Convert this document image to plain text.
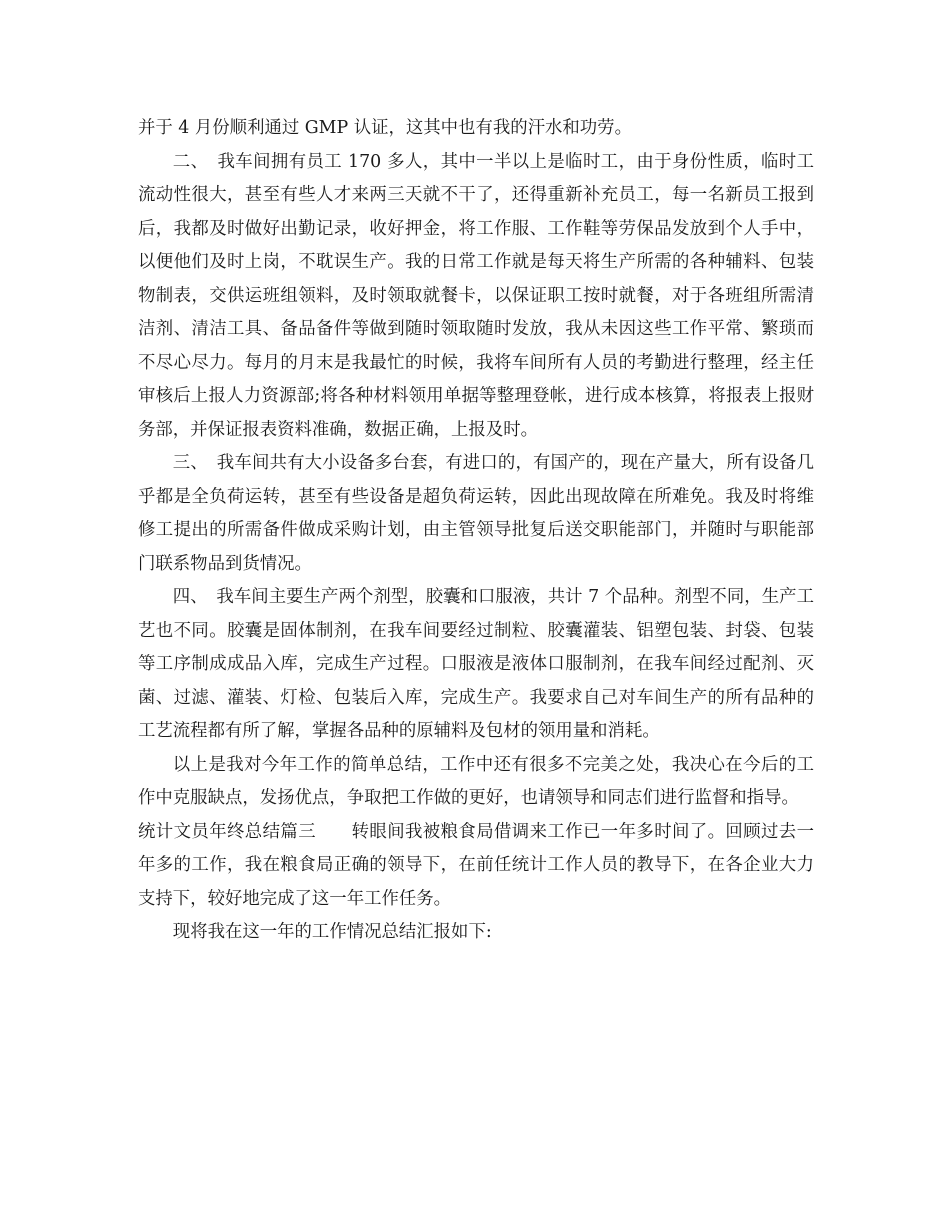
并于 4 月份顺利通过 GMP 认证，这其中也有我的汗水和功劳。

二、　我车间拥有员工 170 多人，其中一半以上是临时工，由于身份性质，临时工流动性很大，甚至有些人才来两三天就不干了，还得重新补充员工，每一名新员工报到后，我都及时做好出勤记录，收好押金，将工作服、工作鞋等劳保品发放到个人手中，以便他们及时上岗，不耽误生产。我的日常工作就是每天将生产所需的各种辅料、包装物制表，交供运班组领料，及时领取就餐卡，以保证职工按时就餐，对于各班组所需清洁剂、清洁工具、备品备件等做到随时领取随时发放，我从未因这些工作平常、繁琐而不尽心尽力。每月的月末是我最忙的时候，我将车间所有人员的考勤进行整理，经主任审核后上报人力资源部;将各种材料领用单据等整理登帐，进行成本核算，将报表上报财务部，并保证报表资料准确，数据正确，上报及时。

三、　我车间共有大小设备多台套，有进口的，有国产的，现在产量大，所有设备几乎都是全负荷运转，甚至有些设备是超负荷运转，因此出现故障在所难免。我及时将维修工提出的所需备件做成采购计划，由主管领导批复后送交职能部门，并随时与职能部门联系物品到货情况。

四、　我车间主要生产两个剂型，胶囊和口服液，共计 7 个品种。剂型不同，生产工艺也不同。胶囊是固体制剂，在我车间要经过制粒、胶囊灌装、铝塑包装、封袋、包装等工序制成成品入库，完成生产过程。口服液是液体口服制剂，在我车间经过配剂、灭菌、过滤、灌装、灯检、包装后入库，完成生产。我要求自己对车间生产的所有品种的工艺流程都有所了解，掌握各品种的原辅料及包材的领用量和消耗。

以上是我对今年工作的简单总结，工作中还有很多不完美之处，我决心在今后的工作中克服缺点，发扬优点，争取把工作做的更好，也请领导和同志们进行监督和指导。

统计文员年终总结篇三　　转眼间我被粮食局借调来工作已一年多时间了。回顾过去一年多的工作，我在粮食局正确的领导下，在前任统计工作人员的教导下，在各企业大力支持下，较好地完成了这一年工作任务。

现将我在这一年的工作情况总结汇报如下:
